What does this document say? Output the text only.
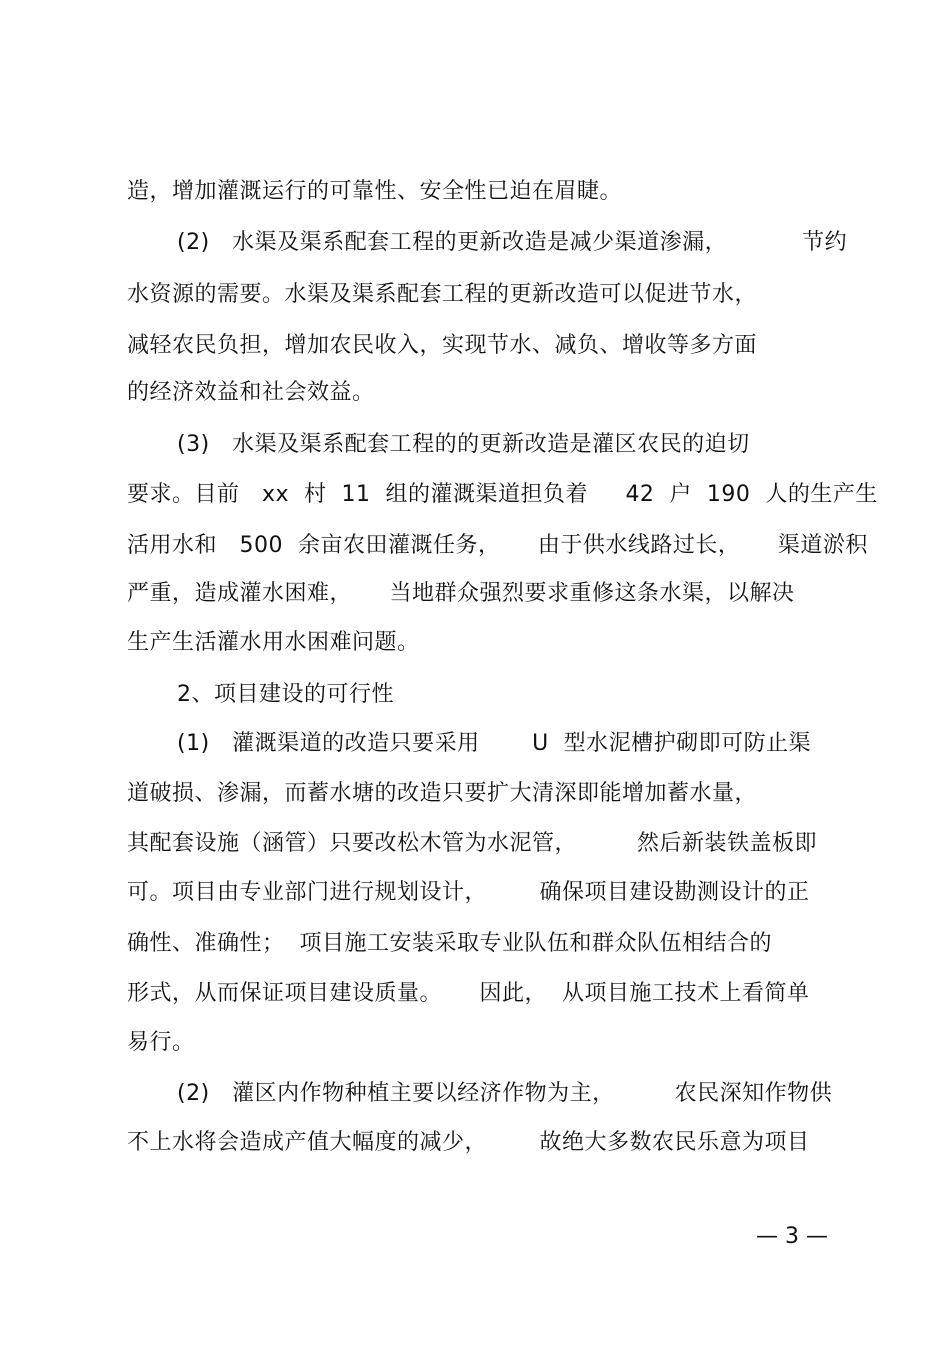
造，增加灌溉运行的可靠性、安全性已迫在眉睫。
(2)   水渠及渠系配套工程的更新改造是减少渠道渗漏，          节约
水资源的需要。水渠及渠系配套工程的更新改造可以促进节水，
减轻农民负担，增加农民收入，实现节水、减负、增收等多方面
的经济效益和社会效益。
(3)   水渠及渠系配套工程的的更新改造是灌区农民的迫切
要求。目前   xx  村  11  组的灌溉渠道担负着     42  户  190  人的生产生
活用水和   500  余亩农田灌溉任务，     由于供水线路过长，     渠道淤积
严重，造成灌水困难，     当地群众强烈要求重修这条水渠，以解决
生产生活灌水用水困难问题。
2、项目建设的可行性
(1)   灌溉渠道的改造只要采用       U  型水泥槽护砌即可防止渠
道破损、渗漏，而蓄水塘的改造只要扩大清深即能增加蓄水量，
其配套设施（涵管）只要改松木管为水泥管，        然后新装铁盖板即
可。项目由专业部门进行规划设计，       确保项目建设勘测设计的正
确性、准确性；  项目施工安装采取专业队伍和群众队伍相结合的
形式，从而保证项目建设质量。     因此，  从项目施工技术上看简单
易行。
(2)   灌区内作物种植主要以经济作物为主，        农民深知作物供
不上水将会造成产值大幅度的减少，       故绝大多数农民乐意为项目
— 3 —
